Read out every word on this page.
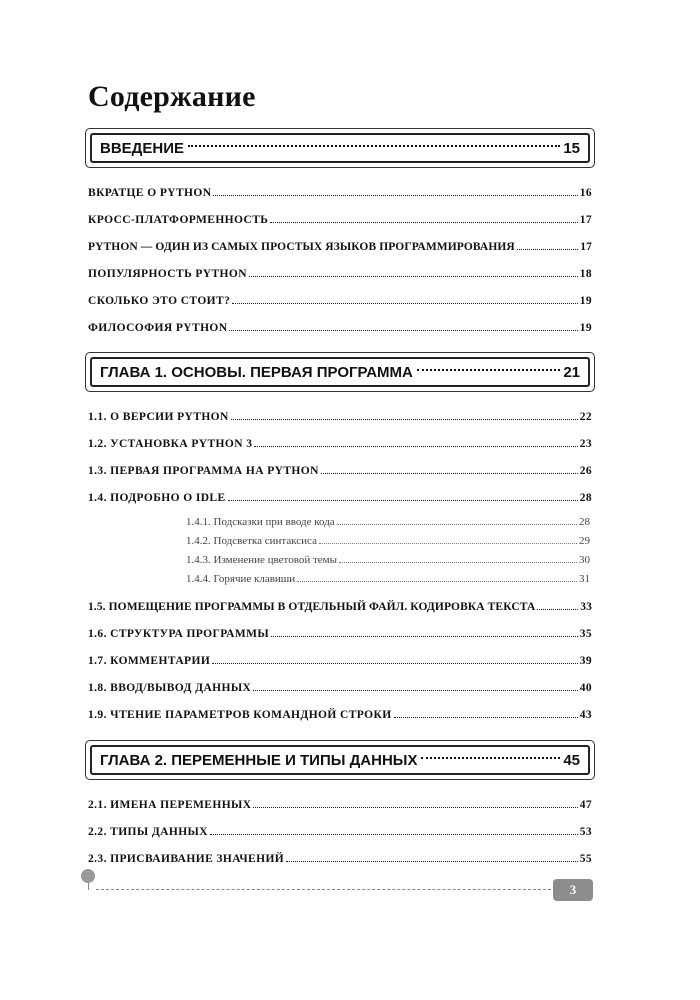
Содержание
ВВЕДЕНИЕ	15
ВКРАТЦЕ О PYTHON	16
КРОСС-ПЛАТФОРМЕННОСТЬ	17
PYTHON — ОДИН ИЗ САМЫХ ПРОСТЫХ ЯЗЫКОВ ПРОГРАММИРОВАНИЯ	17
ПОПУЛЯРНОСТЬ PYTHON	18
СКОЛЬКО ЭТО СТОИТ?	19
ФИЛОСОФИЯ PYTHON	19
ГЛАВА 1. ОСНОВЫ. ПЕРВАЯ ПРОГРАММА	21
1.1. О ВЕРСИИ PYTHON	22
1.2. УСТАНОВКА PYTHON 3	23
1.3. ПЕРВАЯ ПРОГРАММА НА PYTHON	26
1.4. ПОДРОБНО О IDLE	28
1.4.1. Подсказки при вводе кода	28
1.4.2. Подсветка синтаксиса	29
1.4.3. Изменение цветовой темы	30
1.4.4. Горячие клавиши	31
1.5. ПОМЕЩЕНИЕ ПРОГРАММЫ В ОТДЕЛЬНЫЙ ФАЙЛ. КОДИРОВКА ТЕКСТА	33
1.6. СТРУКТУРА ПРОГРАММЫ	35
1.7. КОММЕНТАРИИ	39
1.8. ВВОД/ВЫВОД ДАННЫХ	40
1.9. ЧТЕНИЕ ПАРАМЕТРОВ КОМАНДНОЙ СТРОКИ	43
ГЛАВА 2. ПЕРЕМЕННЫЕ И ТИПЫ ДАННЫХ	45
2.1. ИМЕНА ПЕРЕМЕННЫХ	47
2.2. ТИПЫ ДАННЫХ	53
2.3. ПРИСВАИВАНИЕ ЗНАЧЕНИЙ	55
3
